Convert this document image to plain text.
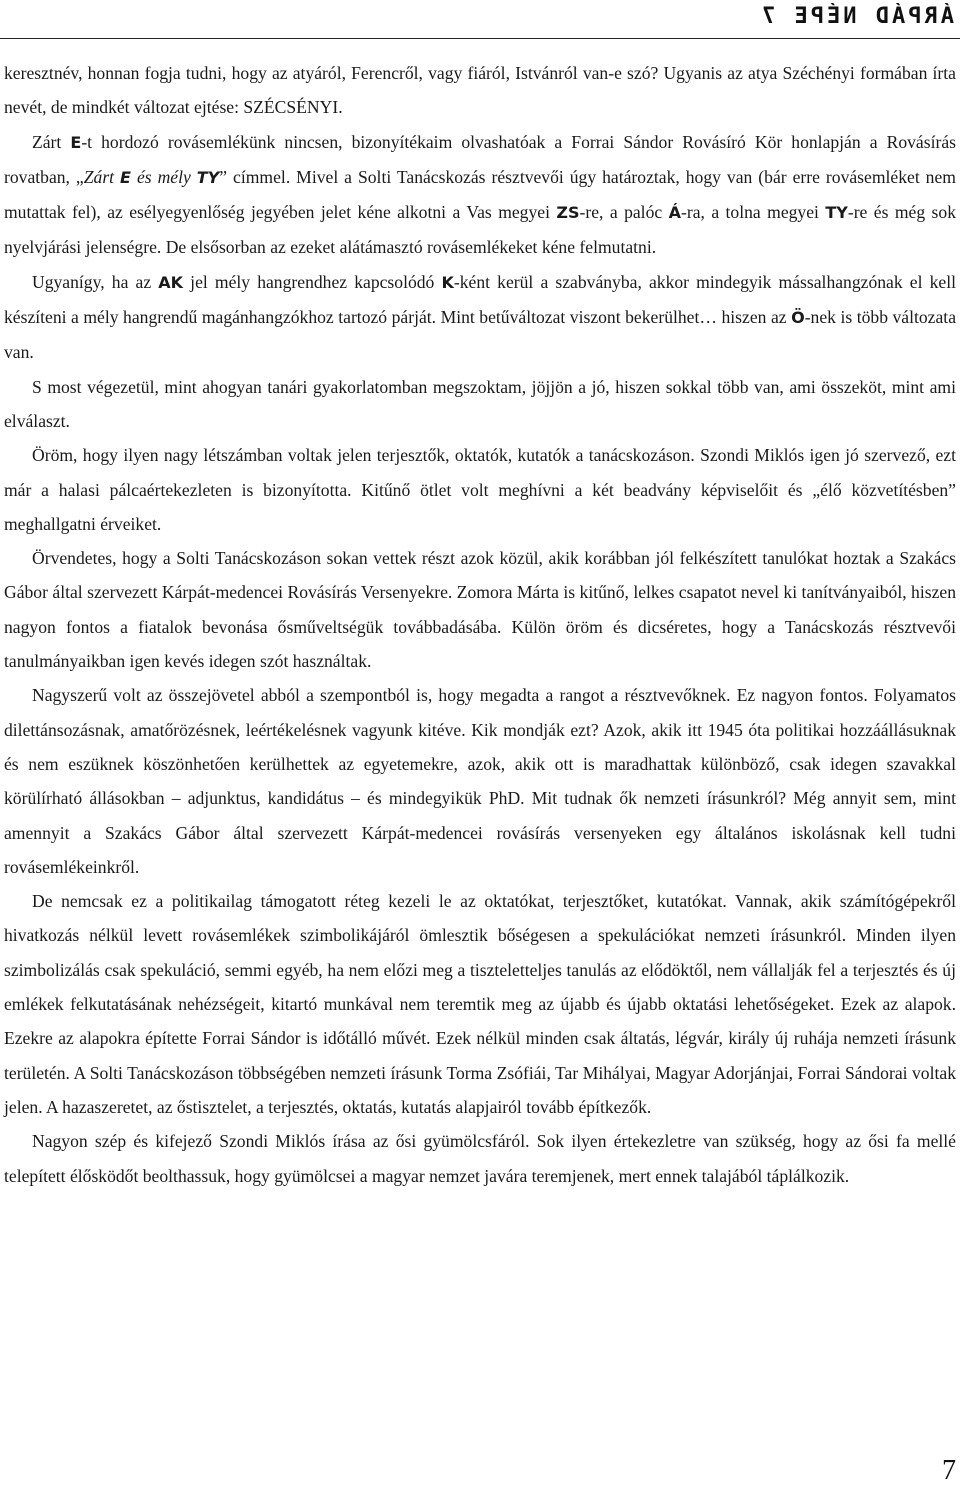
ÁRPÁD NÉPE 7

keresztnév, honnan fogja tudni, hogy az atyáról, Ferencről, vagy fiáról, Istvánról van-e szó? Ugyanis az atya Széchényi formában írta nevét, de mindkét változat ejtése: SZÉCSÉNYI.

Zárt E-t hordozó rovásemlékünk nincsen, bizonyítékaim olvashatóak a Forrai Sándor Rovásíró Kör honlapján a Rovásírás rovatban, „Zárt E és mély TY” címmel. Mivel a Solti Tanácskozás résztvevői úgy határoztak, hogy van (bár erre rovásemléket nem mutattak fel), az esélyegyenlőség jegyében jelet kéne alkotni a Vas megyei ZS-re, a palóc Á-ra, a tolna megyei TY-re és még sok nyelvjárási jelenségre. De elsősorban az ezeket alátámasztó rovásemlékeket kéne felmutatni.

Ugyanígy, ha az AK jel mély hangrendhez kapcsolódó K-ként kerül a szabványba, akkor mindegyik mássalhangzónak el kell készíteni a mély hangrendű magánhangzókhoz tartozó párját. Mint betűváltozat viszont bekerülhet… hiszen az Ö-nek is több változata van.

S most végezetül, mint ahogyan tanári gyakorlatomban megszoktam, jöjjön a jó, hiszen sokkal több van, ami összeköt, mint ami elválaszt.

Öröm, hogy ilyen nagy létszámban voltak jelen terjesztők, oktatók, kutatók a tanácskozáson. Szondi Miklós igen jó szervező, ezt már a halasi pálcaértekezleten is bizonyította. Kitűnő ötlet volt meghívni a két beadvány képviselőit és „élő közvetítésben” meghallgatni érveiket.

Örvendetes, hogy a Solti Tanácskozáson sokan vettek részt azok közül, akik korábban jól felkészített tanulókat hoztak a Szakács Gábor által szervezett Kárpát-medencei Rovásírás Versenyekre. Zomora Márta is kitűnő, lelkes csapatot nevel ki tanítványaiból, hiszen nagyon fontos a fiatalok bevonása ősműveltségük továbbadásába. Külön öröm és dicséretes, hogy a Tanácskozás résztvevői tanulmányaikban igen kevés idegen szót használtak.

Nagyszerű volt az összejövetel abból a szempontból is, hogy megadta a rangot a résztvevőknek. Ez nagyon fontos. Folyamatos dilettánsozásnak, amatőrözésnek, leértékelésnek vagyunk kitéve. Kik mondják ezt? Azok, akik itt 1945 óta politikai hozzáállásuknak és nem eszüknek köszönhetően kerülhettek az egyetemekre, azok, akik ott is maradhattak különböző, csak idegen szavakkal körülírható állásokban – adjunktus, kandidátus – és mindegyikük PhD. Mit tudnak ők nemzeti írásunkról? Még annyit sem, mint amennyit a Szakács Gábor által szervezett Kárpát-medencei rovásírás versenyeken egy általános iskolásnak kell tudni rovásemlékeinkről.

De nemcsak ez a politikailag támogatott réteg kezeli le az oktatókat, terjesztőket, kutatókat. Vannak, akik számítógépekről hivatkozás nélkül levett rovásemlékek szimbolikájáról ömlesztik bőségesen a spekulációkat nemzeti írásunkról. Minden ilyen szimbolizálás csak spekuláció, semmi egyéb, ha nem előzi meg a tiszteletteljes tanulás az elődöktől, nem vállalják fel a terjesztés és új emlékek felkutatásának nehézségeit, kitartó munkával nem teremtik meg az újabb és újabb oktatási lehetőségeket. Ezek az alapok. Ezekre az alapokra építette Forrai Sándor is időtálló művét. Ezek nélkül minden csak áltatás, légvár, király új ruhája nemzeti írásunk területén. A Solti Tanácskozáson többségében nemzeti írásunk Torma Zsófiái, Tar Mihályai, Magyar Adorjánjai, Forrai Sándorai voltak jelen. A hazaszeretet, az őstisztelet, a terjesztés, oktatás, kutatás alapjairól tovább építkezők.

Nagyon szép és kifejező Szondi Miklós írása az ősi gyümölcsfáról. Sok ilyen értekezletre van szükség, hogy az ősi fa mellé telepített élősködőt beolthassuk, hogy gyümölcsei a magyar nemzet javára teremjenek, mert ennek talajából táplálkozik.

7
